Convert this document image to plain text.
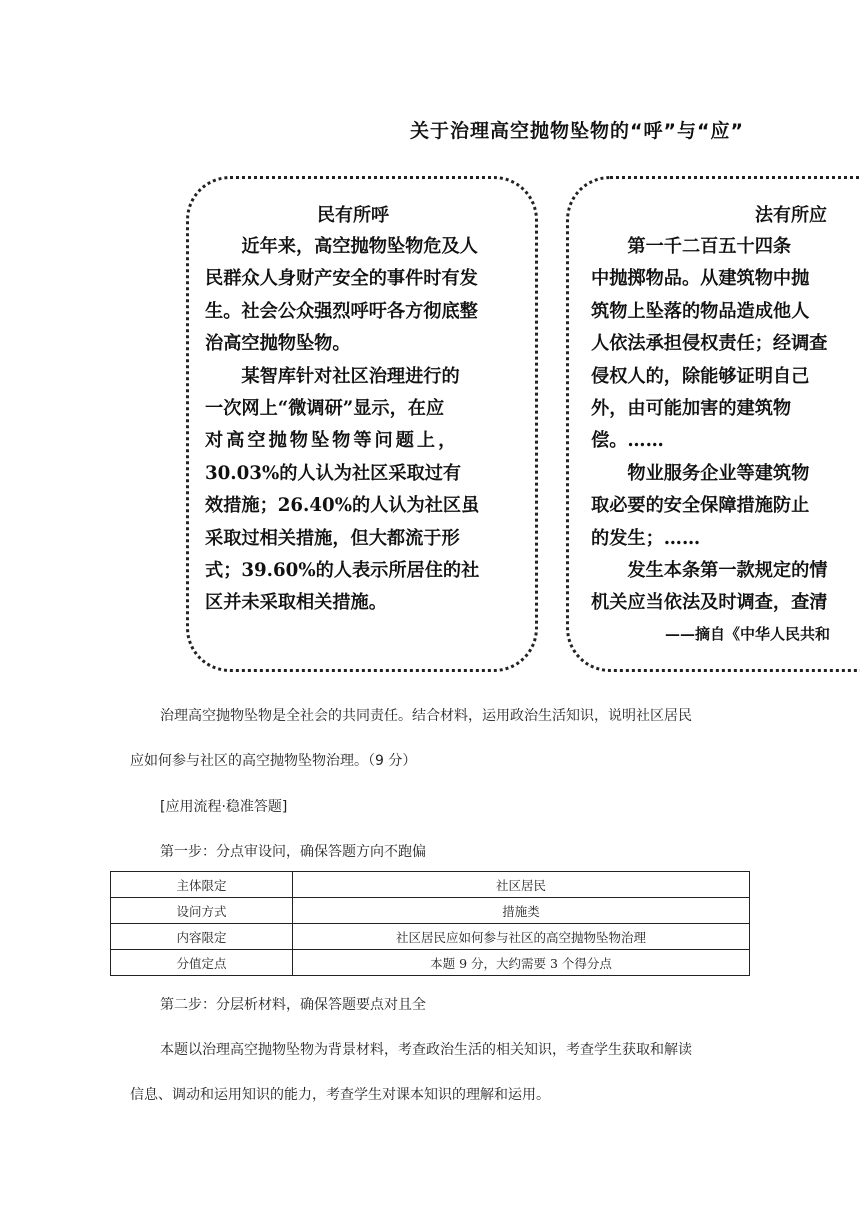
关于治理高空抛物坠物的“呼”与“应”
民有所呼

　　近年来，高空抛物坠物危及人

民群众人身财产安全的事件时有发

生。社会公众强烈呼吁各方彻底整

治高空抛物坠物。

　　某智库针对社区治理进行的

一次网上“微调研”显示，在应

对高空抛物坠物等问题上，

30.03%的人认为社区采取过有

效措施；26.40%的人认为社区虽

采取过相关措施，但大都流于形

式；39.60%的人表示所居住的社

区并未采取相关措施。

法有所应

　　第一千二百五十四条

中抛掷物品。从建筑物中抛

筑物上坠落的物品造成他人

人依法承担侵权责任；经调查

侵权人的，除能够证明自己

外，由可能加害的建筑物

偿。……

　　物业服务企业等建筑物

取必要的安全保障措施防止

的发生；……

　　发生本条第一款规定的情

机关应当依法及时调查，查清

——摘自《中华人民共和
治理高空抛物坠物是全社会的共同责任。结合材料，运用政治生活知识，说明社区居民
应如何参与社区的高空抛物坠物治理。（9 分）
[应用流程·稳准答题]
第一步：分点审设问，确保答题方向不跑偏
主体限定	社区居民
设问方式	措施类
内容限定	社区居民应如何参与社区的高空抛物坠物治理
分值定点	本题 9 分，大约需要 3 个得分点
第二步：分层析材料，确保答题要点对且全
本题以治理高空抛物坠物为背景材料，考查政治生活的相关知识，考查学生获取和解读
信息、调动和运用知识的能力，考查学生对课本知识的理解和运用。
